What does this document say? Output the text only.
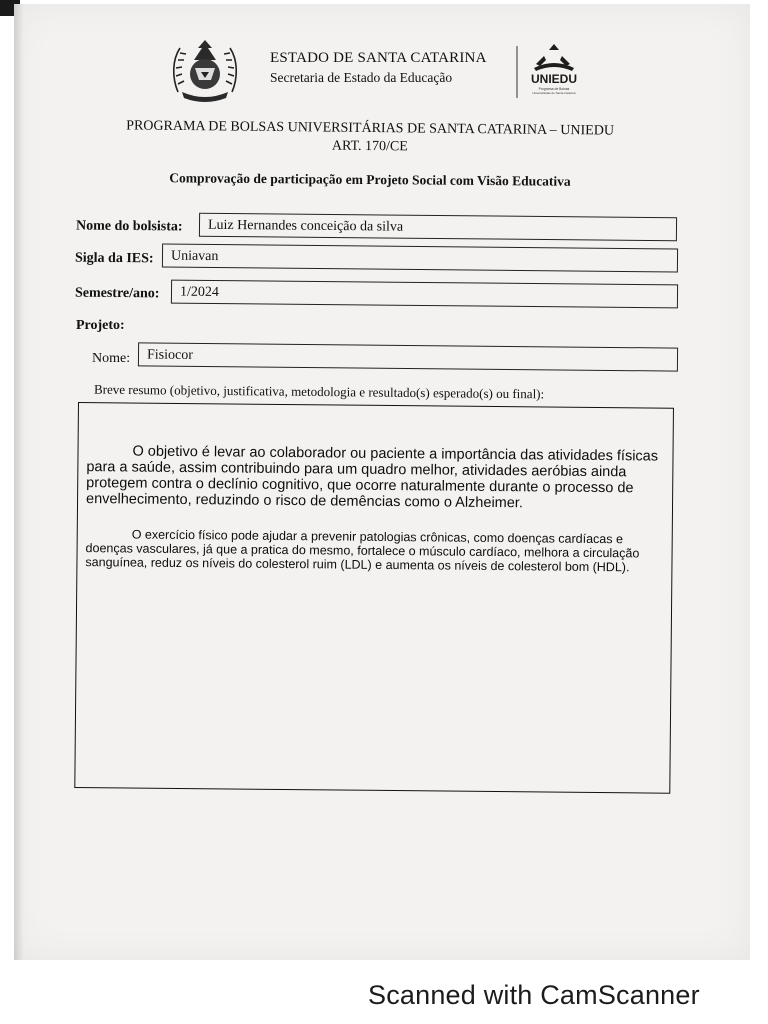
ESTADO DE SANTA CATARINA
Secretaria de Estado da Educação	UNIEDU
Programa de Bolsas
Universitárias de Santa Catarina
PROGRAMA DE BOLSAS UNIVERSITÁRIAS DE SANTA CATARINA – UNIEDU
ART. 170/CE
Comprovação de participação em Projeto Social com Visão Educativa
Nome do bolsista:	Luiz Hernandes conceição da silva
Sigla da IES:	Uniavan
Semestre/ano:	1/2024
Projeto:
Nome:	Fisiocor
Breve resumo (objetivo, justificativa, metodologia e resultado(s) esperado(s) ou final):
O objetivo é levar ao colaborador ou paciente a importância das atividades físicas para a saúde, assim contribuindo para um quadro melhor, atividades aeróbias ainda protegem contra o declínio cognitivo, que ocorre naturalmente durante o processo de envelhecimento, reduzindo o risco de demências como o Alzheimer.
O exercício físico pode ajudar a prevenir patologias crônicas, como doenças cardíacas e doenças vasculares, já que a pratica do mesmo, fortalece o músculo cardíaco, melhora a circulação sanguínea, reduz os níveis do colesterol ruim (LDL) e aumenta os níveis de colesterol bom (HDL).
Scanned with CamScanner
